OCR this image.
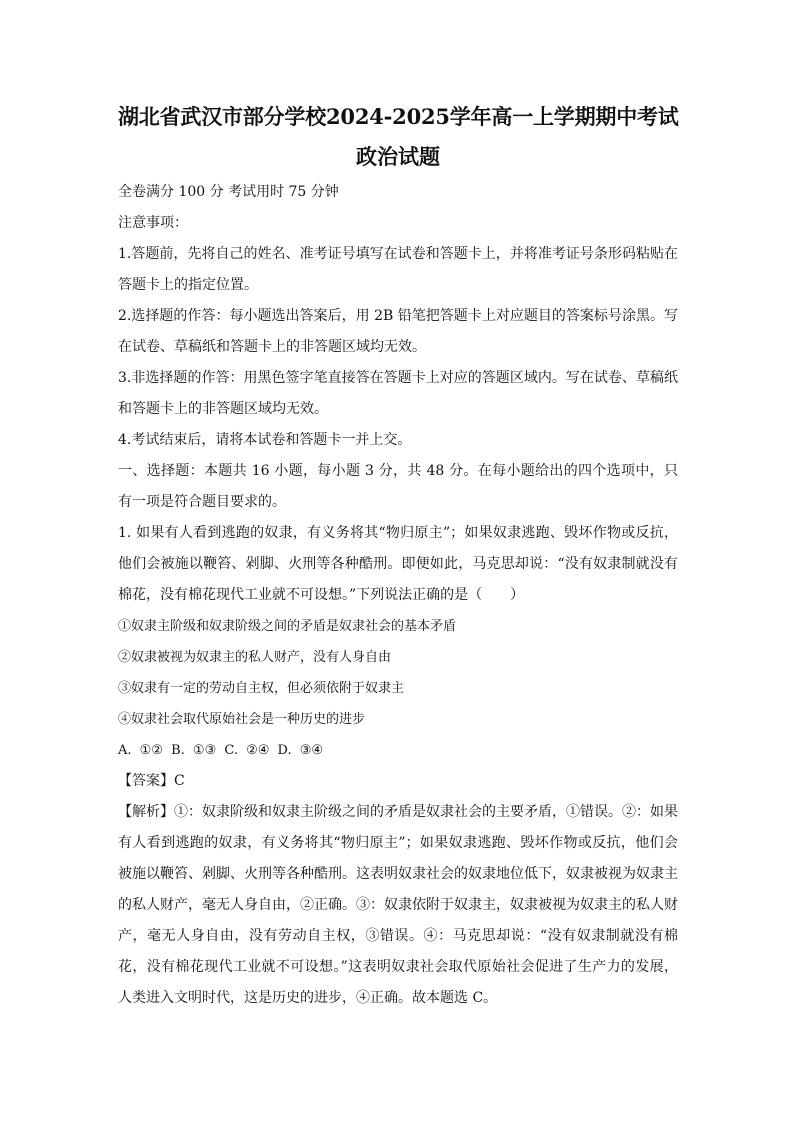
湖北省武汉市部分学校2024-2025学年高一上学期期中考试
政治试题

全卷满分 100 分 考试用时 75 分钟

注意事项：

1.答题前，先将自己的姓名、准考证号填写在试卷和答题卡上，并将准考证号条形码粘贴在答题卡上的指定位置。

2.选择题的作答：每小题选出答案后，用 2B 铅笔把答题卡上对应题目的答案标号涂黑。写在试卷、草稿纸和答题卡上的非答题区域均无效。

3.非选择题的作答：用黑色签字笔直接答在答题卡上对应的答题区域内。写在试卷、草稿纸和答题卡上的非答题区域均无效。

4.考试结束后，请将本试卷和答题卡一并上交。

一、选择题：本题共 16 小题，每小题 3 分，共 48 分。在每小题给出的四个选项中，只有一项是符合题目要求的。

1. 如果有人看到逃跑的奴隶，有义务将其“物归原主”；如果奴隶逃跑、毁坏作物或反抗，他们会被施以鞭笞、剁脚、火刑等各种酷刑。即便如此，马克思却说：“没有奴隶制就没有棉花，没有棉花现代工业就不可设想。”下列说法正确的是（　　）

①奴隶主阶级和奴隶阶级之间的矛盾是奴隶社会的基本矛盾

②奴隶被视为奴隶主的私人财产，没有人身自由

③奴隶有一定的劳动自主权，但必须依附于奴隶主

④奴隶社会取代原始社会是一种历史的进步

A. ①② B. ①③ C. ②④ D. ③④

【答案】C

【解析】①：奴隶阶级和奴隶主阶级之间的矛盾是奴隶社会的主要矛盾，①错误。②：如果有人看到逃跑的奴隶，有义务将其“物归原主”；如果奴隶逃跑、毁坏作物或反抗，他们会被施以鞭笞、剁脚、火刑等各种酷刑。这表明奴隶社会的奴隶地位低下，奴隶被视为奴隶主的私人财产，毫无人身自由，②正确。③：奴隶依附于奴隶主，奴隶被视为奴隶主的私人财产，毫无人身自由，没有劳动自主权，③错误。④：马克思却说：“没有奴隶制就没有棉花，没有棉花现代工业就不可设想。”这表明奴隶社会取代原始社会促进了生产力的发展，人类进入文明时代，这是历史的进步，④正确。故本题选 C。
